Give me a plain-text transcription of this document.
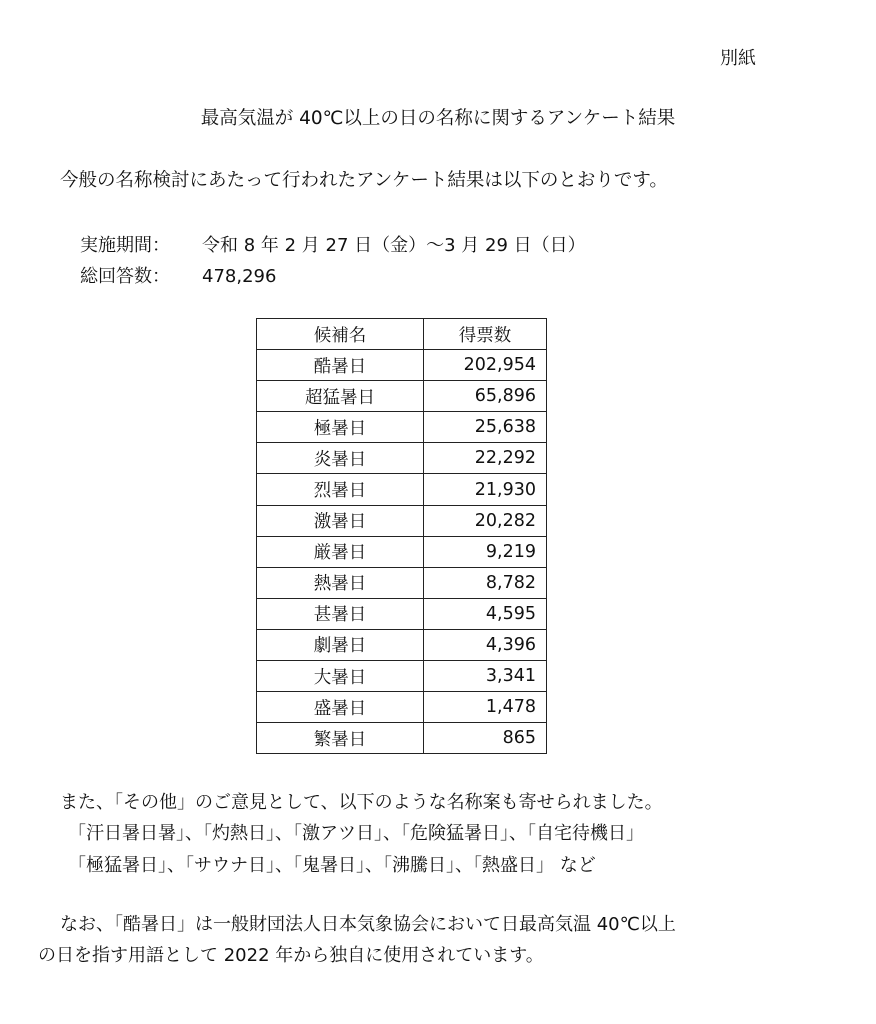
別紙
最高気温が 40℃以上の日の名称に関するアンケート結果
今般の名称検討にあたって行われたアンケート結果は以下のとおりです。
実施期間： 令和 8 年 2 月 27 日（金）～3 月 29 日（日）
総回答数： 478,296
候補名	得票数
酷暑日	202,954
超猛暑日	65,896
極暑日	25,638
炎暑日	22,292
烈暑日	21,930
激暑日	20,282
厳暑日	9,219
熱暑日	8,782
甚暑日	4,595
劇暑日	4,396
大暑日	3,341
盛暑日	1,478
繁暑日	865
また、「その他」のご意見として、以下のような名称案も寄せられました。
「汗日暑日暑」、「灼熱日」、「激アツ日」、「危険猛暑日」、「自宅待機日」
「極猛暑日」、「サウナ日」、「鬼暑日」、「沸騰日」、「熱盛日」 など
なお、「酷暑日」は一般財団法人日本気象協会において日最高気温 40℃以上
の日を指す用語として 2022 年から独自に使用されています。
